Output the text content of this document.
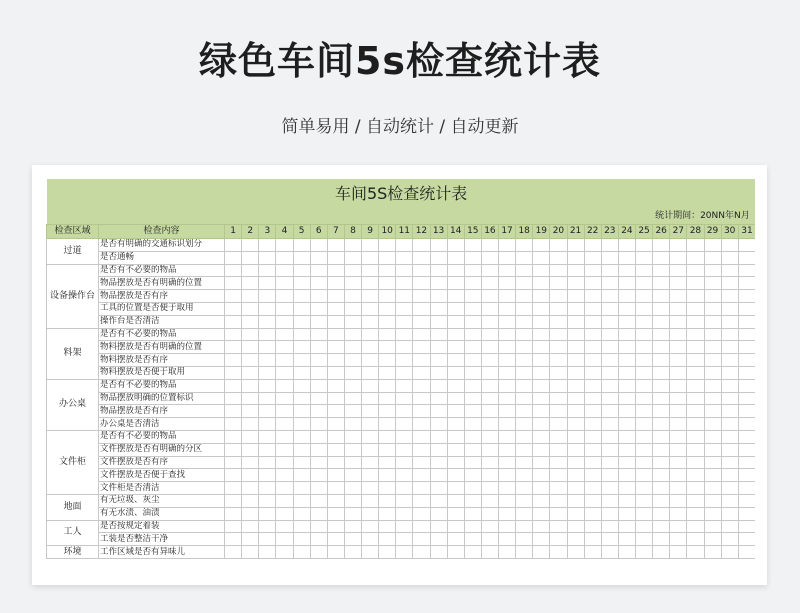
绿色车间5s检查统计表
简单易用 / 自动统计 / 自动更新
车间5S检查统计表																																
统计期间：20NN年N月																																
检查区域	检查内容	1	2	3	4	5	6	7	8	9	10	11	12	13	14	15	16	17	18	19	20	21	22	23	24	25	26	27	28	29	30	31
过道	是否有明确的交通标识划分																															
	是否通畅																															
设备操作台	是否有不必要的物品																															
	物品摆放是否有明确的位置																															
	物品摆放是否有序																															
	工具的位置是否便于取用																															
	操作台是否清洁																															
料架	是否有不必要的物品																															
	物料摆放是否有明确的位置																															
	物料摆放是否有序																															
	物料摆放是否便于取用																															
办公桌	是否有不必要的物品																															
	物品摆放明确的位置标识																															
	物品摆放是否有序																															
	办公桌是否清洁																															
文件柜	是否有不必要的物品																															
	文件摆放是否有明确的分区																															
	文件摆放是否有序																															
	文件摆放是否便于查找																															
	文件柜是否清洁																															
地面	有无垃圾、灰尘																															
	有无水渍、油渍																															
工人	是否按规定着装																															
	工装是否整洁干净																															
环境	工作区域是否有异味儿																															
